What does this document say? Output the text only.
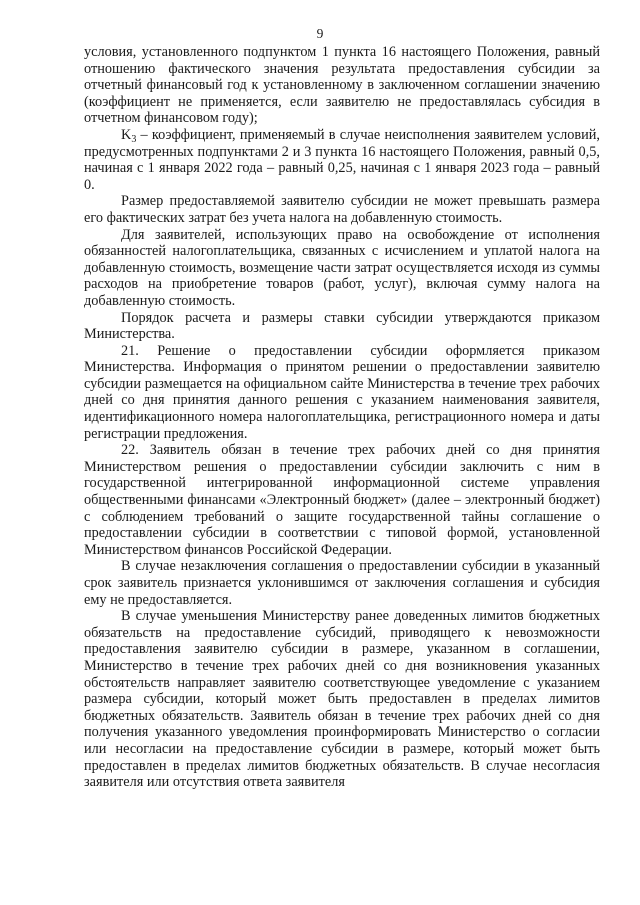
9

условия, установленного подпунктом 1 пункта 16 настоящего Положения, равный отношению фактического значения результата предоставления субсидии за отчетный финансовый год к установленному в заключенном соглашении значению (коэффициент не применяется, если заявителю не предоставлялась субсидия в отчетном финансовом году);

$K_3$ – коэффициент, применяемый в случае неисполнения заявителем условий, предусмотренных подпунктами 2 и 3 пункта 16 настоящего Положения, равный 0,5, начиная с 1 января 2022 года – равный 0,25, начиная с 1 января 2023 года – равный 0.

Размер предоставляемой заявителю субсидии не может превышать размера его фактических затрат без учета налога на добавленную стоимость.

Для заявителей, использующих право на освобождение от исполнения обязанностей налогоплательщика, связанных с исчислением и уплатой налога на добавленную стоимость, возмещение части затрат осуществляется исходя из суммы расходов на приобретение товаров (работ, услуг), включая сумму налога на добавленную стоимость.

Порядок расчета и размеры ставки субсидии утверждаются приказом Министерства.

21. Решение о предоставлении субсидии оформляется приказом Министерства. Информация о принятом решении о предоставлении заявителю субсидии размещается на официальном сайте Министерства в течение трех рабочих дней со дня принятия данного решения с указанием наименования заявителя, идентификационного номера налогоплательщика, регистрационного номера и даты регистрации предложения.

22. Заявитель обязан в течение трех рабочих дней со дня принятия Министерством решения о предоставлении субсидии заключить с ним в государственной интегрированной информационной системе управления общественными финансами «Электронный бюджет» (далее – электронный бюджет) с соблюдением требований о защите государственной тайны соглашение о предоставлении субсидии в соответствии с типовой формой, установленной Министерством финансов Российской Федерации.

В случае незаключения соглашения о предоставлении субсидии в указанный срок заявитель признается уклонившимся от заключения соглашения и субсидия ему не предоставляется.

В случае уменьшения Министерству ранее доведенных лимитов бюджетных обязательств на предоставление субсидий, приводящего к невозможности предоставления заявителю субсидии в размере, указанном в соглашении, Министерство в течение трех рабочих дней со дня возникновения указанных обстоятельств направляет заявителю соответствующее уведомление с указанием размера субсидии, который может быть предоставлен в пределах лимитов бюджетных обязательств. Заявитель обязан в течение трех рабочих дней со дня получения указанного уведомления проинформировать Министерство о согласии или несогласии на предоставление субсидии в размере, который может быть предоставлен в пределах лимитов бюджетных обязательств. В случае несогласия заявителя или отсутствия ответа заявителя
